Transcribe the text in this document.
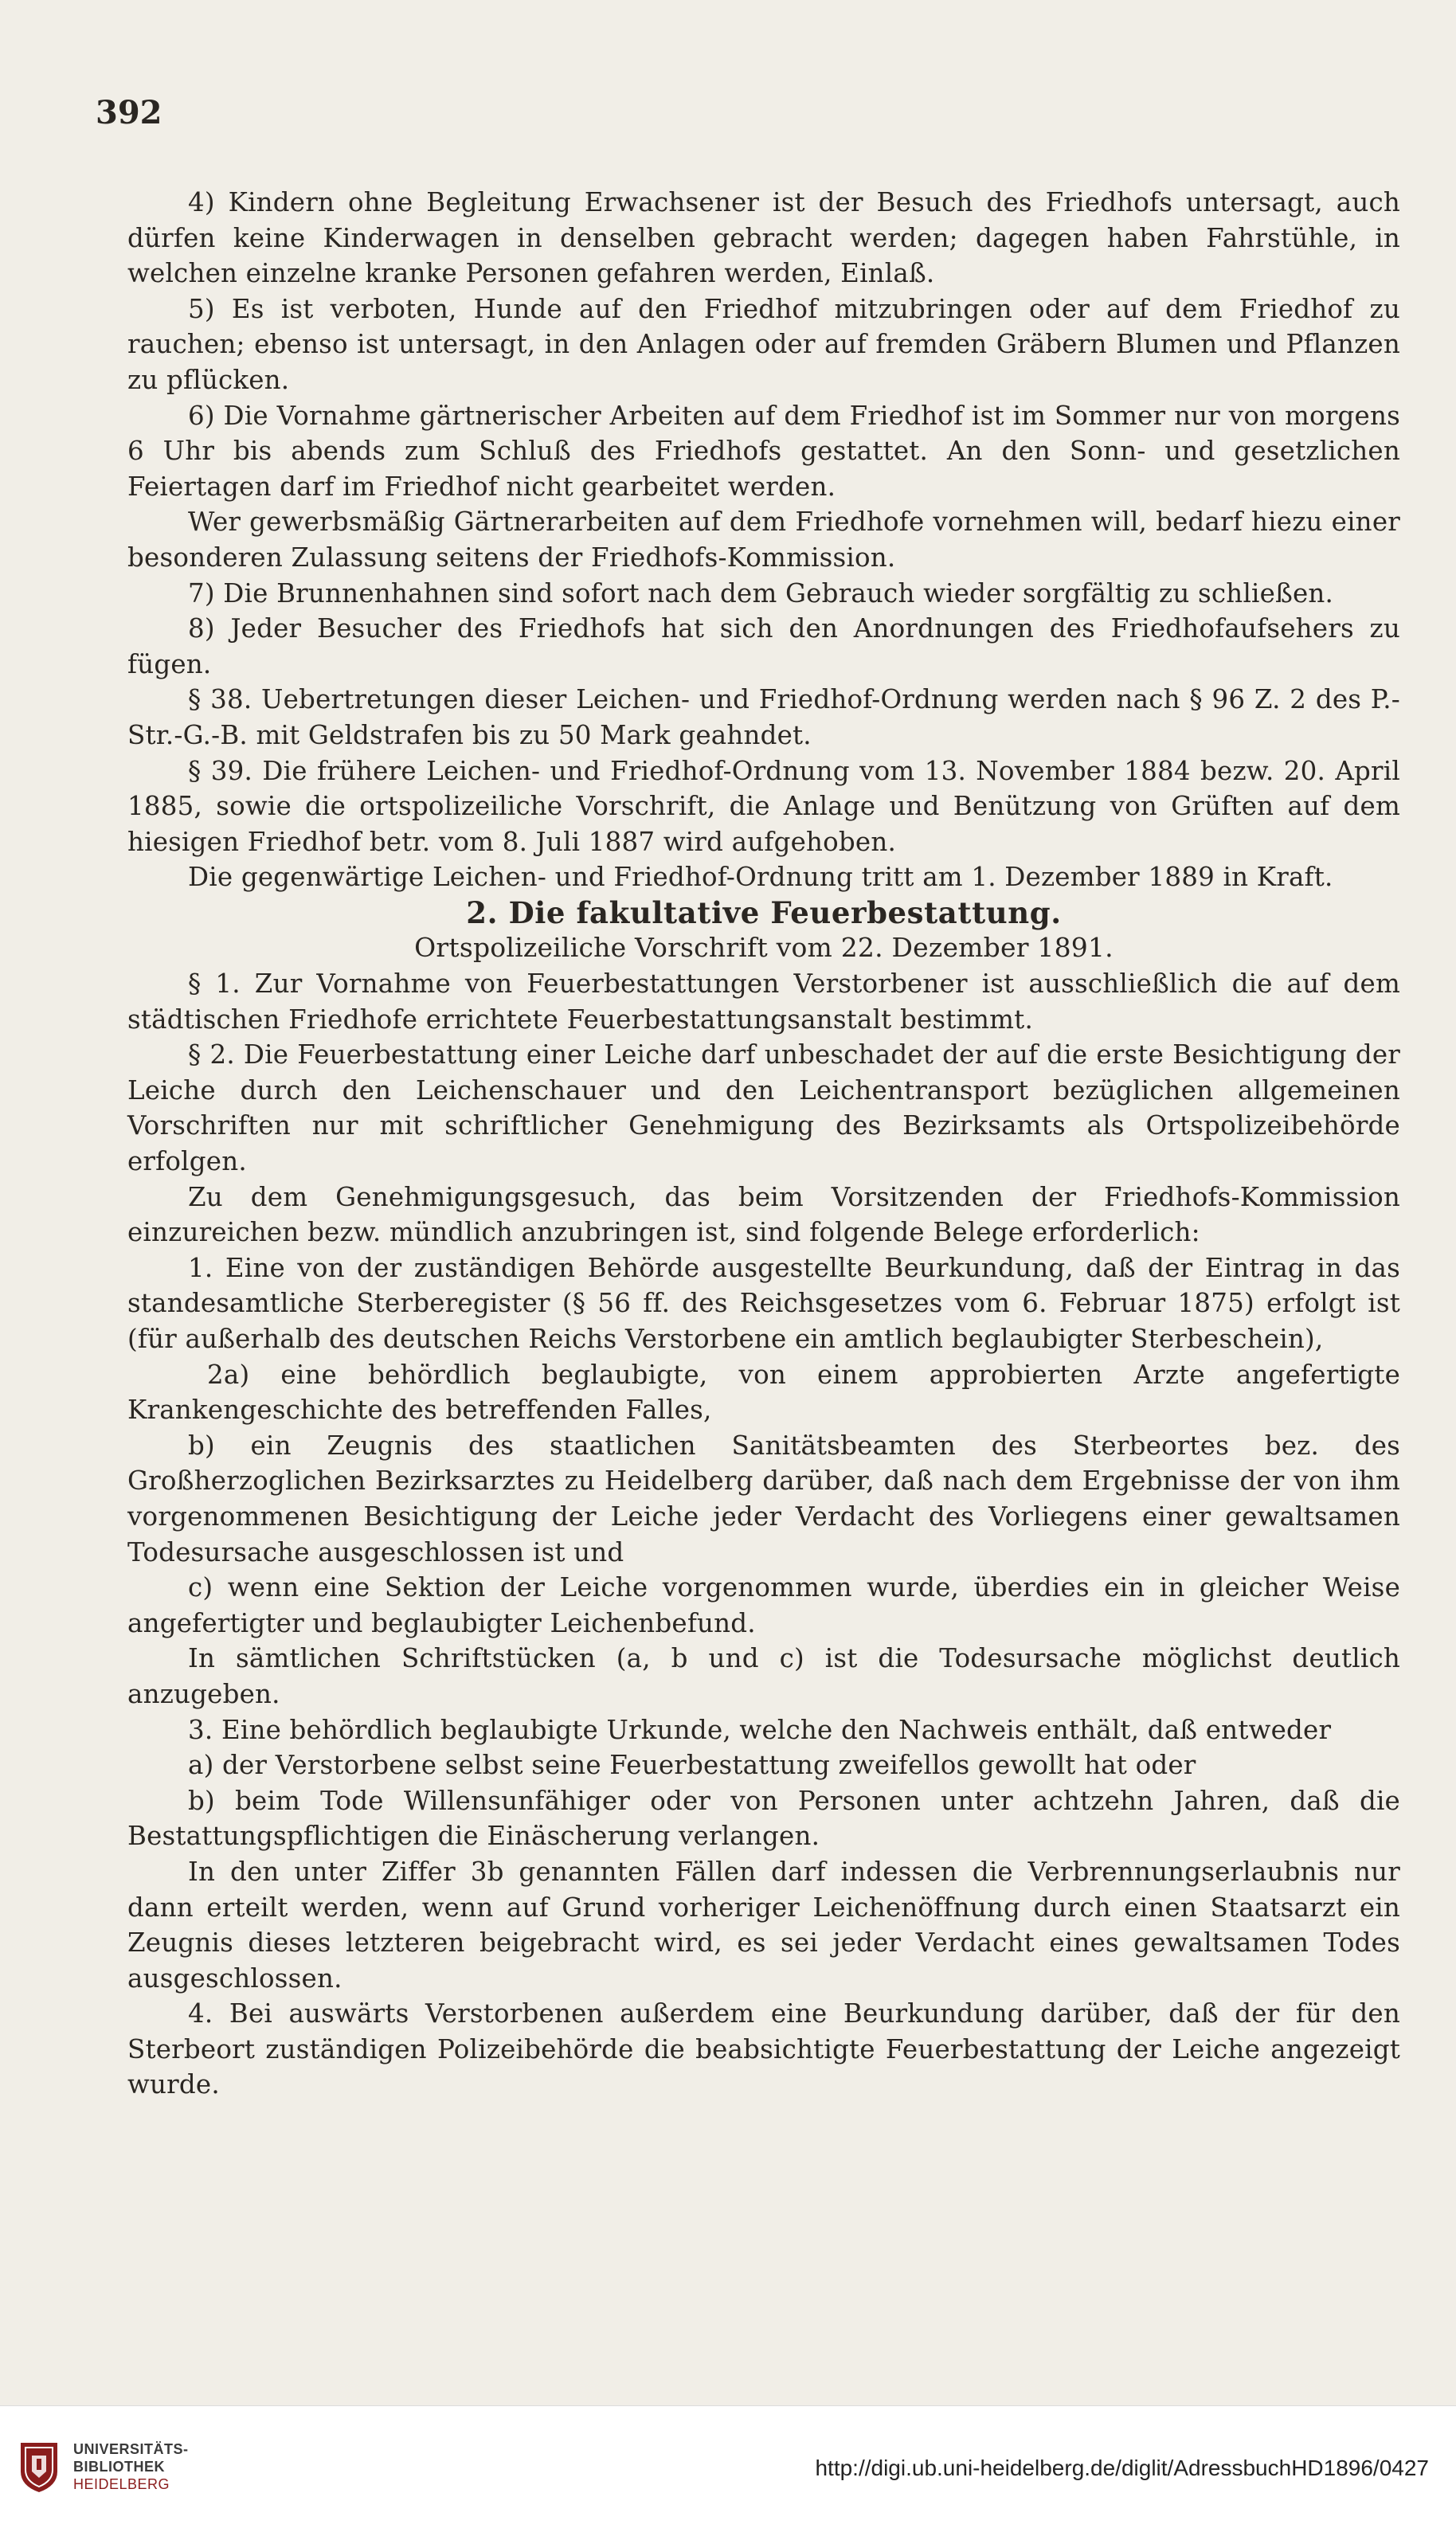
392

4) Kindern ohne Begleitung Erwachsener ist der Besuch des Friedhofs untersagt, auch dürfen keine Kinderwagen in denselben gebracht werden; dagegen haben Fahrstühle, in welchen einzelne kranke Personen gefahren werden, Einlaß.

5) Es ist verboten, Hunde auf den Friedhof mitzubringen oder auf dem Friedhof zu rauchen; ebenso ist untersagt, in den Anlagen oder auf fremden Gräbern Blumen und Pflanzen zu pflücken.

6) Die Vornahme gärtnerischer Arbeiten auf dem Friedhof ist im Sommer nur von morgens 6 Uhr bis abends zum Schluß des Friedhofs gestattet. An den Sonn- und gesetzlichen Feiertagen darf im Friedhof nicht gearbeitet werden.

Wer gewerbsmäßig Gärtnerarbeiten auf dem Friedhofe vornehmen will, bedarf hiezu einer besonderen Zulassung seitens der Friedhofs-Kommission.

7) Die Brunnenhahnen sind sofort nach dem Gebrauch wieder sorgfältig zu schließen.

8) Jeder Besucher des Friedhofs hat sich den Anordnungen des Friedhofaufsehers zu fügen.

§ 38. Uebertretungen dieser Leichen- und Friedhof-Ordnung werden nach § 96 Z. 2 des P.-Str.-G.-B. mit Geldstrafen bis zu 50 Mark geahndet.

§ 39. Die frühere Leichen- und Friedhof-Ordnung vom 13. November 1884 bezw. 20. April 1885, sowie die ortspolizeiliche Vorschrift, die Anlage und Benützung von Grüften auf dem hiesigen Friedhof betr. vom 8. Juli 1887 wird aufgehoben.

Die gegenwärtige Leichen- und Friedhof-Ordnung tritt am 1. Dezember 1889 in Kraft.

2. Die fakultative Feuerbestattung.

Ortspolizeiliche Vorschrift vom 22. Dezember 1891.

§ 1. Zur Vornahme von Feuerbestattungen Verstorbener ist ausschließlich die auf dem städtischen Friedhofe errichtete Feuerbestattungsanstalt bestimmt.

§ 2. Die Feuerbestattung einer Leiche darf unbeschadet der auf die erste Besichtigung der Leiche durch den Leichenschauer und den Leichentransport bezüglichen allgemeinen Vorschriften nur mit schriftlicher Genehmigung des Bezirksamts als Ortspolizeibehörde erfolgen.

Zu dem Genehmigungsgesuch, das beim Vorsitzenden der Friedhofs-Kommission einzureichen bezw. mündlich anzubringen ist, sind folgende Belege erforderlich:

1. Eine von der zuständigen Behörde ausgestellte Beurkundung, daß der Eintrag in das standesamtliche Sterberegister (§ 56 ff. des Reichsgesetzes vom 6. Februar 1875) erfolgt ist (für außerhalb des deutschen Reichs Verstorbene ein amtlich beglaubigter Sterbeschein),

2a) eine behördlich beglaubigte, von einem approbierten Arzte angefertigte Krankengeschichte des betreffenden Falles,

b) ein Zeugnis des staatlichen Sanitätsbeamten des Sterbeortes bez. des Großherzoglichen Bezirksarztes zu Heidelberg darüber, daß nach dem Ergebnisse der von ihm vorgenommenen Besichtigung der Leiche jeder Verdacht des Vorliegens einer gewaltsamen Todesursache ausgeschlossen ist und

c) wenn eine Sektion der Leiche vorgenommen wurde, überdies ein in gleicher Weise angefertigter und beglaubigter Leichenbefund.

In sämtlichen Schriftstücken (a, b und c) ist die Todesursache möglichst deutlich anzugeben.

3. Eine behördlich beglaubigte Urkunde, welche den Nachweis enthält, daß entweder

a) der Verstorbene selbst seine Feuerbestattung zweifellos gewollt hat oder

b) beim Tode Willensunfähiger oder von Personen unter achtzehn Jahren, daß die Bestattungspflichtigen die Einäscherung verlangen.

In den unter Ziffer 3b genannten Fällen darf indessen die Verbrennungserlaubnis nur dann erteilt werden, wenn auf Grund vorheriger Leichenöffnung durch einen Staatsarzt ein Zeugnis dieses letzteren beigebracht wird, es sei jeder Verdacht eines gewaltsamen Todes ausgeschlossen.

4. Bei auswärts Verstorbenen außerdem eine Beurkundung darüber, daß der für den Sterbeort zuständigen Polizeibehörde die beabsichtigte Feuerbestattung der Leiche angezeigt wurde.

UNIVERSITÄTS-
BIBLIOTHEK
HEIDELBERG
http://digi.ub.uni-heidelberg.de/diglit/AdressbuchHD1896/0427
